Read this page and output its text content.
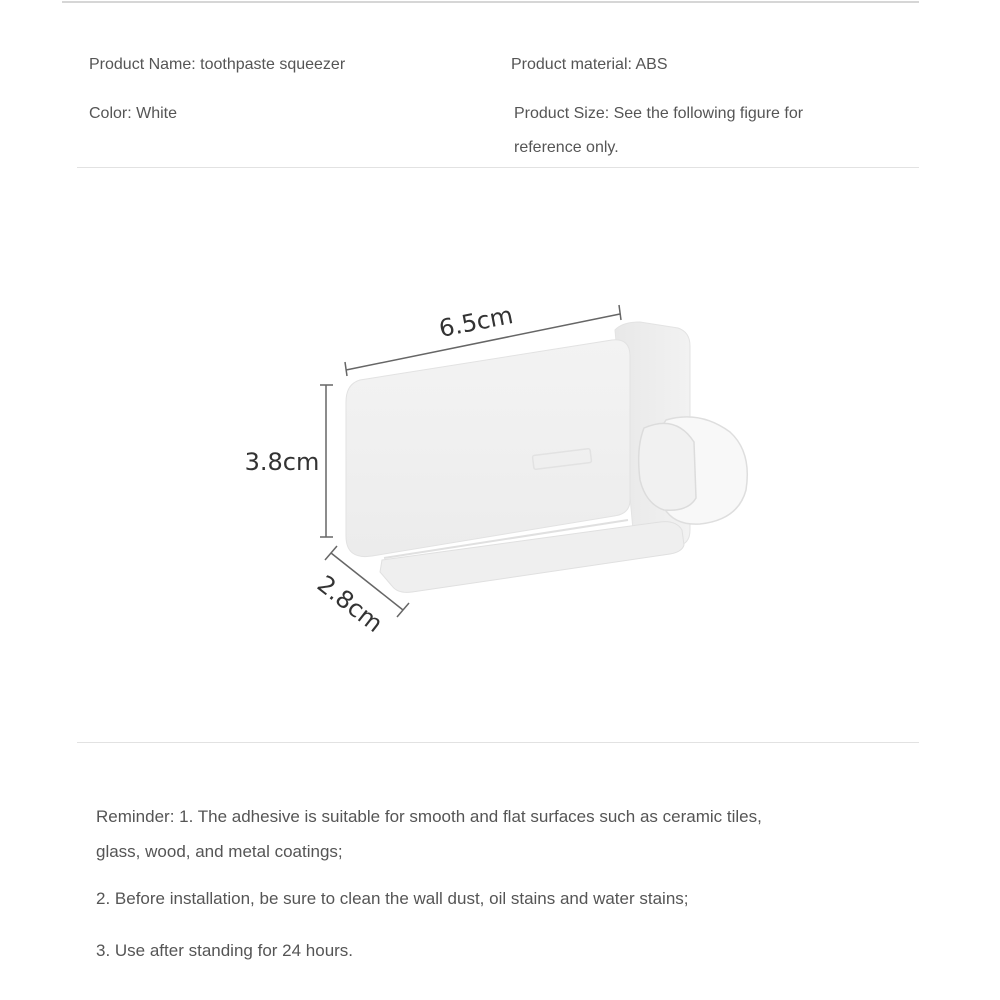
Product Name: toothpaste squeezer	Product material: ABS
Color: White	Product Size: See the following figure for
reference only.
6.5cm
3.8cm
2.8cm
Reminder: 1. The adhesive is suitable for smooth and flat surfaces such as ceramic tiles,
glass, wood, and metal coatings;
2. Before installation, be sure to clean the wall dust, oil stains and water stains;
3. Use after standing for 24 hours.
